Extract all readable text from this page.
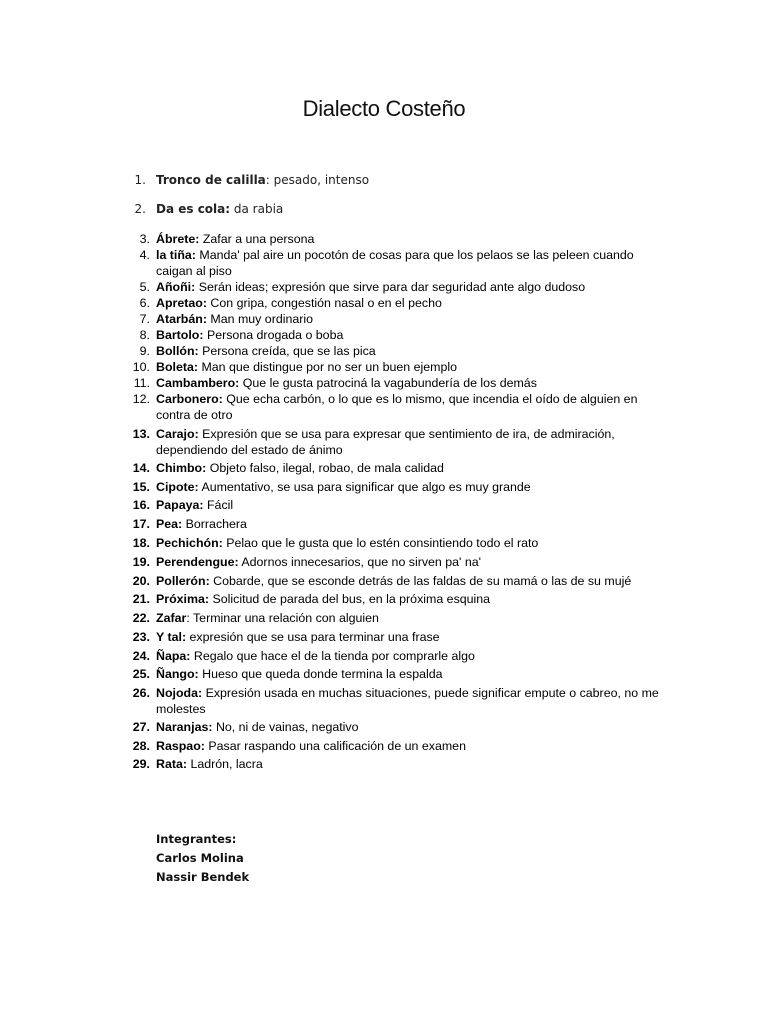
Dialecto Costeño
1. Tronco de calilla: pesado, intenso
2. Da es cola: da rabia
3. Ábrete: Zafar a una persona
4. la tiña: Manda' pal aire un pocotón de cosas para que los pelaos se las peleen cuando caigan al piso
5. Añoñi: Serán ideas; expresión que sirve para dar seguridad ante algo dudoso
6. Apretao: Con gripa, congestión nasal o en el pecho
7. Atarbán: Man muy ordinario
8. Bartolo: Persona drogada o boba
9. Bollón: Persona creída, que se las pica
10. Boleta: Man que distingue por no ser un buen ejemplo
11. Cambambero: Que le gusta patrociná la vagabundería de los demás
12. Carbonero: Que echa carbón, o lo que es lo mismo, que incendia el oído de alguien en contra de otro
13. Carajo: Expresión que se usa para expresar que sentimiento de ira, de admiración, dependiendo del estado de ánimo
14. Chimbo: Objeto falso, ilegal, robao, de mala calidad
15. Cipote: Aumentativo, se usa para significar que algo es muy grande
16. Papaya: Fácil
17. Pea: Borrachera
18. Pechichón: Pelao que le gusta que lo estén consintiendo todo el rato
19. Perendengue: Adornos innecesarios, que no sirven pa' na'
20. Pollerón: Cobarde, que se esconde detrás de las faldas de su mamá o las de su mujé
21. Próxima: Solicitud de parada del bus, en la próxima esquina
22. Zafar: Terminar una relación con alguien
23. Y tal: expresión que se usa para terminar una frase
24. Ñapa: Regalo que hace el de la tienda por comprarle algo
25. Ñango: Hueso que queda donde termina la espalda
26. Nojoda: Expresión usada en muchas situaciones, puede significar empute o cabreo, no me molestes
27. Naranjas: No, ni de vainas, negativo
28. Raspao: Pasar raspando una calificación de un examen
29. Rata: Ladrón, lacra
Integrantes:
Carlos Molina
Nassir Bendek
